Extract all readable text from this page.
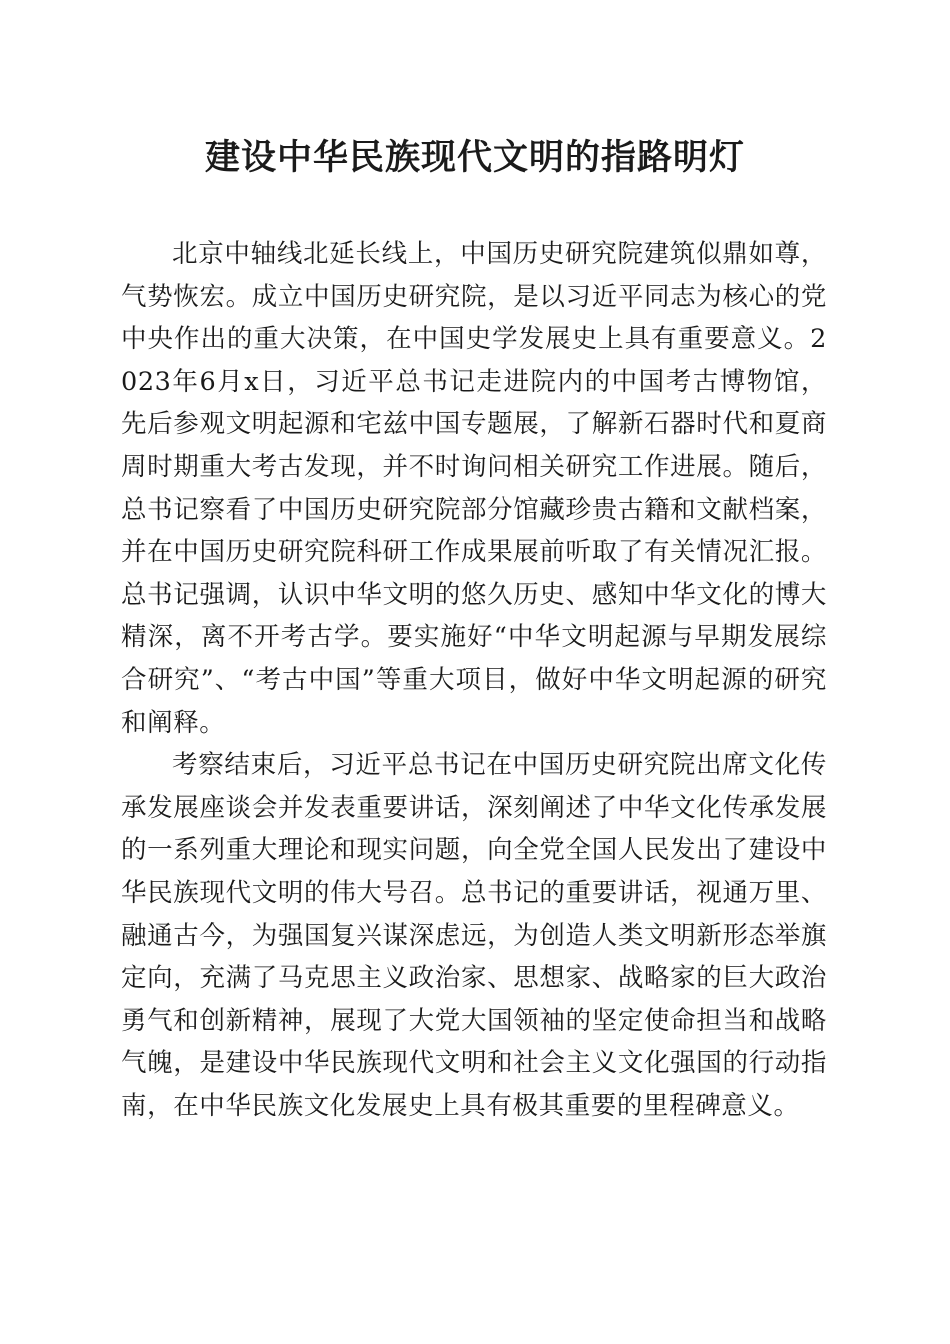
建设中华民族现代文明的指路明灯

北京中轴线北延长线上，中国历史研究院建筑似鼎如尊，气势恢宏。成立中国历史研究院，是以习近平同志为核心的党中央作出的重大决策，在中国史学发展史上具有重要意义。2023年6月x日，习近平总书记走进院内的中国考古博物馆，先后参观文明起源和宅兹中国专题展，了解新石器时代和夏商周时期重大考古发现，并不时询问相关研究工作进展。随后，总书记察看了中国历史研究院部分馆藏珍贵古籍和文献档案，并在中国历史研究院科研工作成果展前听取了有关情况汇报。总书记强调，认识中华文明的悠久历史、感知中华文化的博大精深，离不开考古学。要实施好“中华文明起源与早期发展综合研究”、“考古中国”等重大项目，做好中华文明起源的研究和阐释。

考察结束后，习近平总书记在中国历史研究院出席文化传承发展座谈会并发表重要讲话，深刻阐述了中华文化传承发展的一系列重大理论和现实问题，向全党全国人民发出了建设中华民族现代文明的伟大号召。总书记的重要讲话，视通万里、融通古今，为强国复兴谋深虑远，为创造人类文明新形态举旗定向，充满了马克思主义政治家、思想家、战略家的巨大政治勇气和创新精神，展现了大党大国领袖的坚定使命担当和战略气魄，是建设中华民族现代文明和社会主义文化强国的行动指南，在中华民族文化发展史上具有极其重要的里程碑意义。
